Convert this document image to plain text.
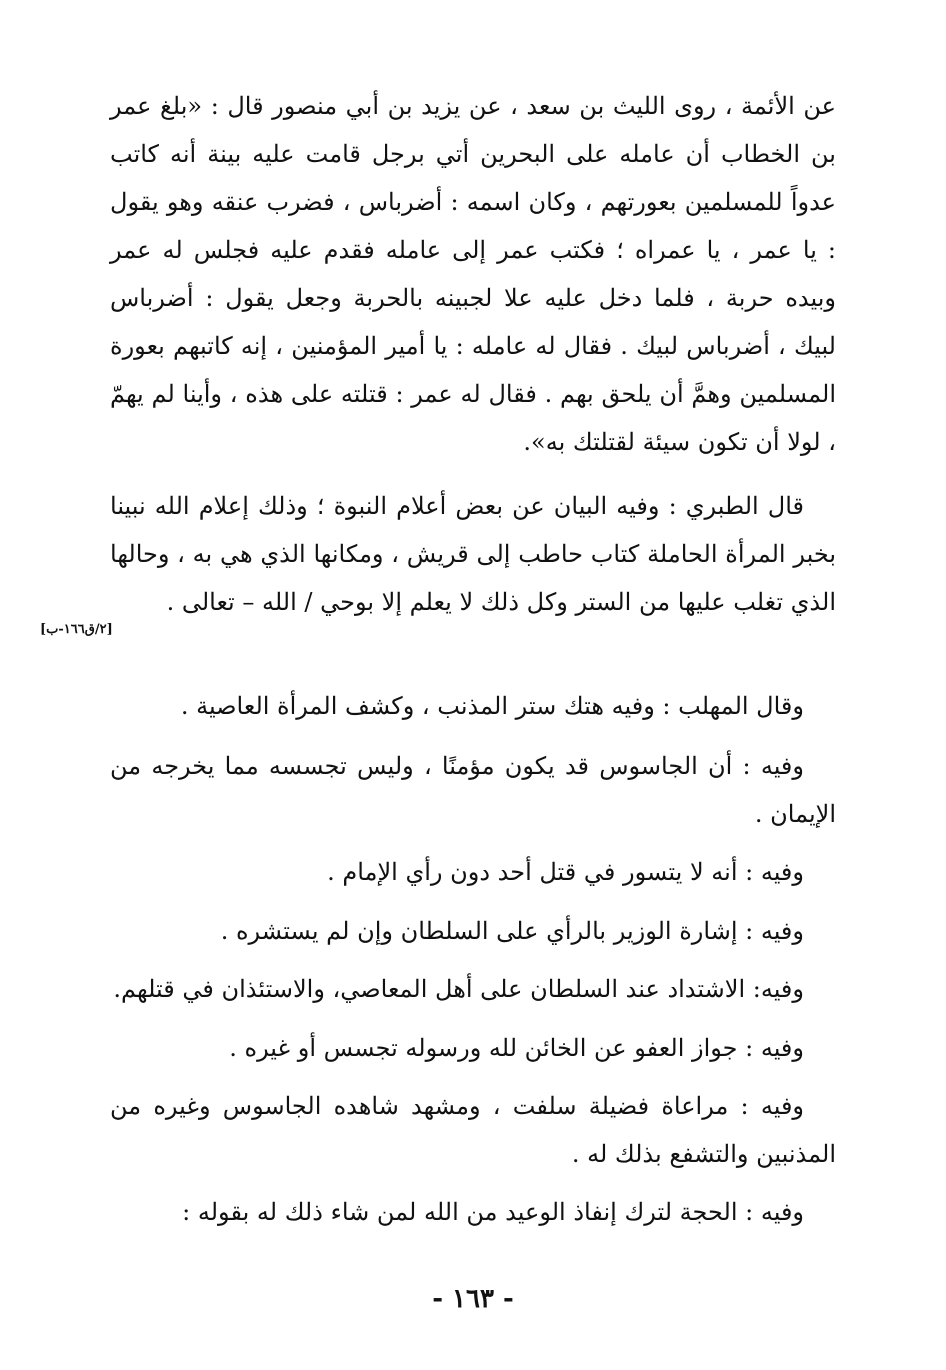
عن الأئمة ، روى الليث بن سعد ، عن يزيد بن أبي منصور قال : «بلغ عمر بن الخطاب أن عامله على البحرين أتي برجل قامت عليه بينة أنه كاتب عدواً للمسلمين بعورتهم ، وكان اسمه : أضرباس ، فضرب عنقه وهو يقول : يا عمر ، يا عمراه ؛ فكتب عمر إلى عامله فقدم عليه فجلس له عمر وبيده حربة ، فلما دخل عليه علا لجبينه بالحربة وجعل يقول : أضرباس لبيك ، أضرباس لبيك . فقال له عامله : يا أمير المؤمنين ، إنه كاتبهم بعورة المسلمين وهمَّ أن يلحق بهم . فقال له عمر : قتلته على هذه ، وأينا لم يهمّ ، لولا أن تكون سيئة لقتلتك به».

قال الطبري : وفيه البيان عن بعض أعلام النبوة ؛ وذلك إعلام الله نبينا بخبر المرأة الحاملة كتاب حاطب إلى قريش ، ومكانها الذي هي به ، وحالها الذي تغلب عليها من الستر وكل ذلك لا يعلم إلا بوحي / الله – تعالى .

[٢/ق١٦٦-ب]

وقال المهلب : وفيه هتك ستر المذنب ، وكشف المرأة العاصية .

وفيه : أن الجاسوس قد يكون مؤمنًا ، وليس تجسسه مما يخرجه من الإيمان .

وفيه : أنه لا يتسور في قتل أحد دون رأي الإمام .

وفيه : إشارة الوزير بالرأي على السلطان وإن لم يستشره .

وفيه: الاشتداد عند السلطان على أهل المعاصي، والاستئذان في قتلهم.

وفيه : جواز العفو عن الخائن لله ورسوله تجسس أو غيره .

وفيه : مراعاة فضيلة سلفت ، ومشهد شاهده الجاسوس وغيره من المذنبين والتشفع بذلك له .

وفيه : الحجة لترك إنفاذ الوعيد من الله لمن شاء ذلك له بقوله :

- ١٦٣ -
